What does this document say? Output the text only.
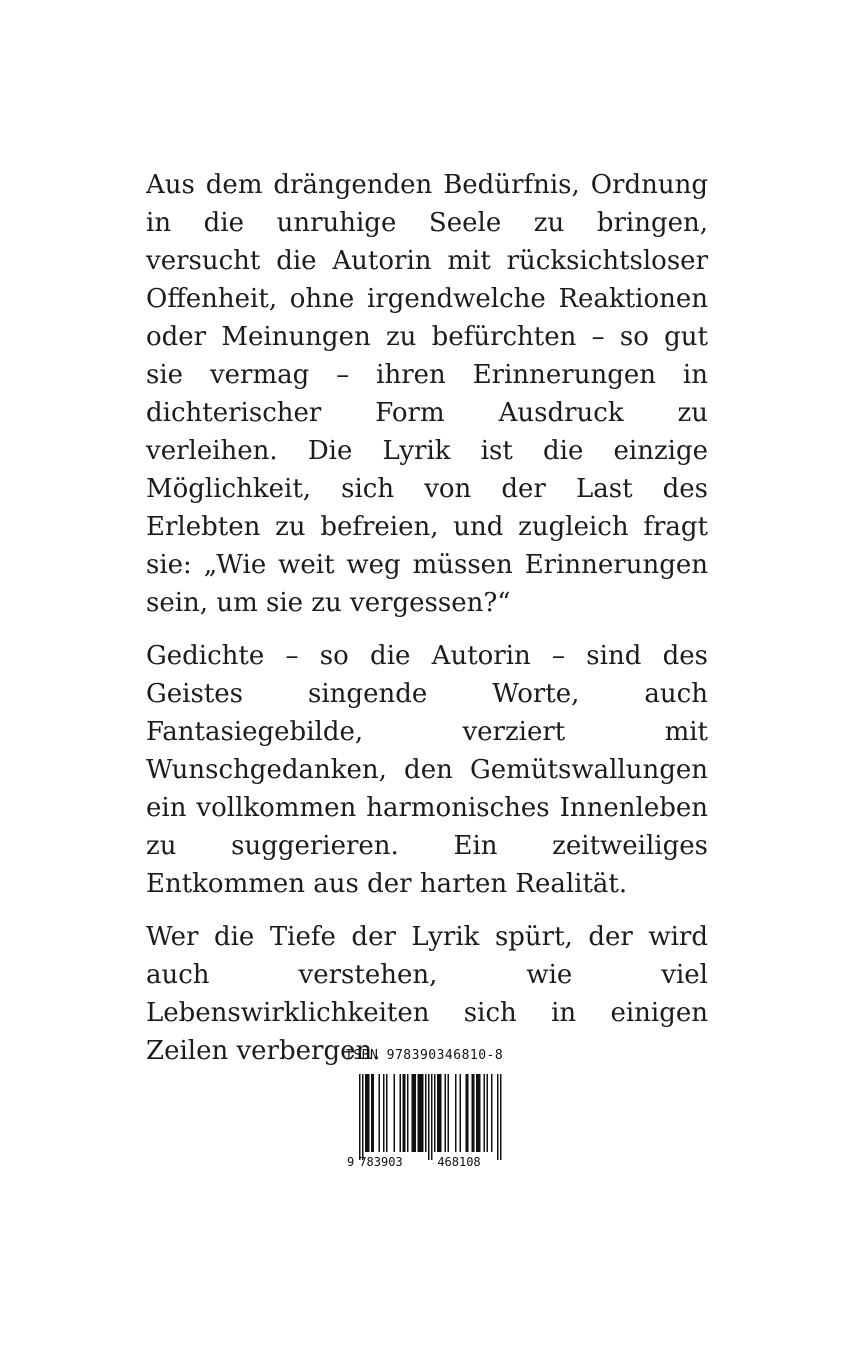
Aus dem drängenden Bedürfnis, Ordnung in die unruhige Seele zu bringen, versucht die Autorin mit rücksichtsloser Offenheit, ohne irgendwelche Reaktionen oder Meinungen zu befürchten – so gut sie vermag – ihren Erinnerungen in dichterischer Form Ausdruck zu verleihen. Die Lyrik ist die einzige Möglichkeit, sich von der Last des Erlebten zu befreien, und zugleich fragt sie: „Wie weit weg müssen Erinnerungen sein, um sie zu vergessen?“

Gedichte – so die Autorin – sind des Geistes singende Worte, auch Fantasiegebilde, verziert mit Wunschgedanken, den Gemütswallungen ein vollkommen harmonisches Innenleben zu suggerieren. Ein zeitweiliges Entkommen aus der harten Realität.

Wer die Tiefe der Lyrik spürt, der wird auch verstehen, wie viel Lebenswirklichkeiten sich in einigen Zeilen verbergen.

ISBN 978390346810-8
9 783903	468108
